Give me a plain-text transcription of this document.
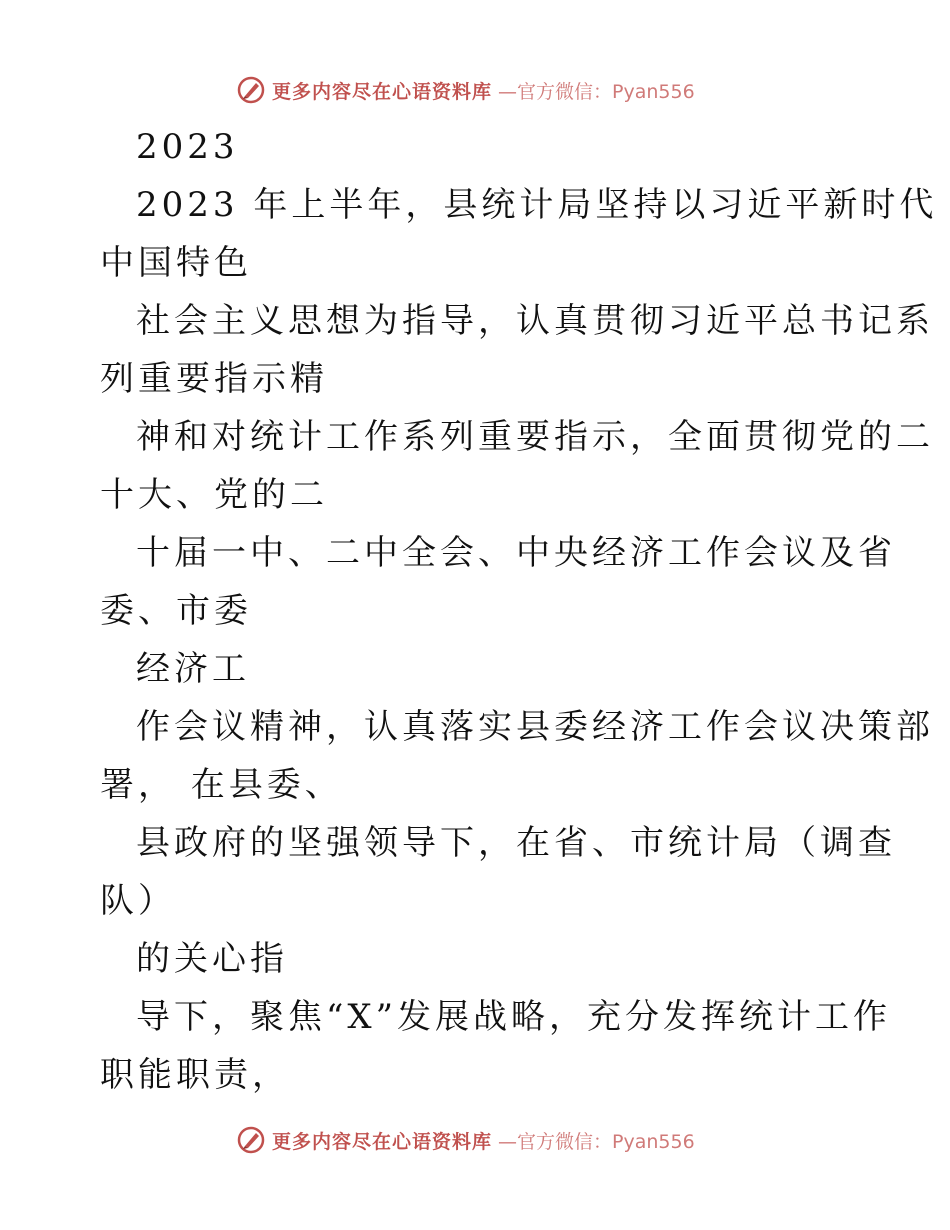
更多内容尽在心语资料库 —官方微信：Pyan556
2023
2023 年上半年，县统计局坚持以习近平新时代
中国特色
社会主义思想为指导，认真贯彻习近平总书记系
列重要指示精
神和对统计工作系列重要指示，全面贯彻党的二
十大、党的二
十届一中、二中全会、中央经济工作会议及省
委、市委
经济工
作会议精神，认真落实县委经济工作会议决策部
署， 在县委、
县政府的坚强领导下，在省、市统计局（调查
队）
的关心指
导下，聚焦“X”发展战略，充分发挥统计工作
职能职责，
更多内容尽在心语资料库 —官方微信：Pyan556
